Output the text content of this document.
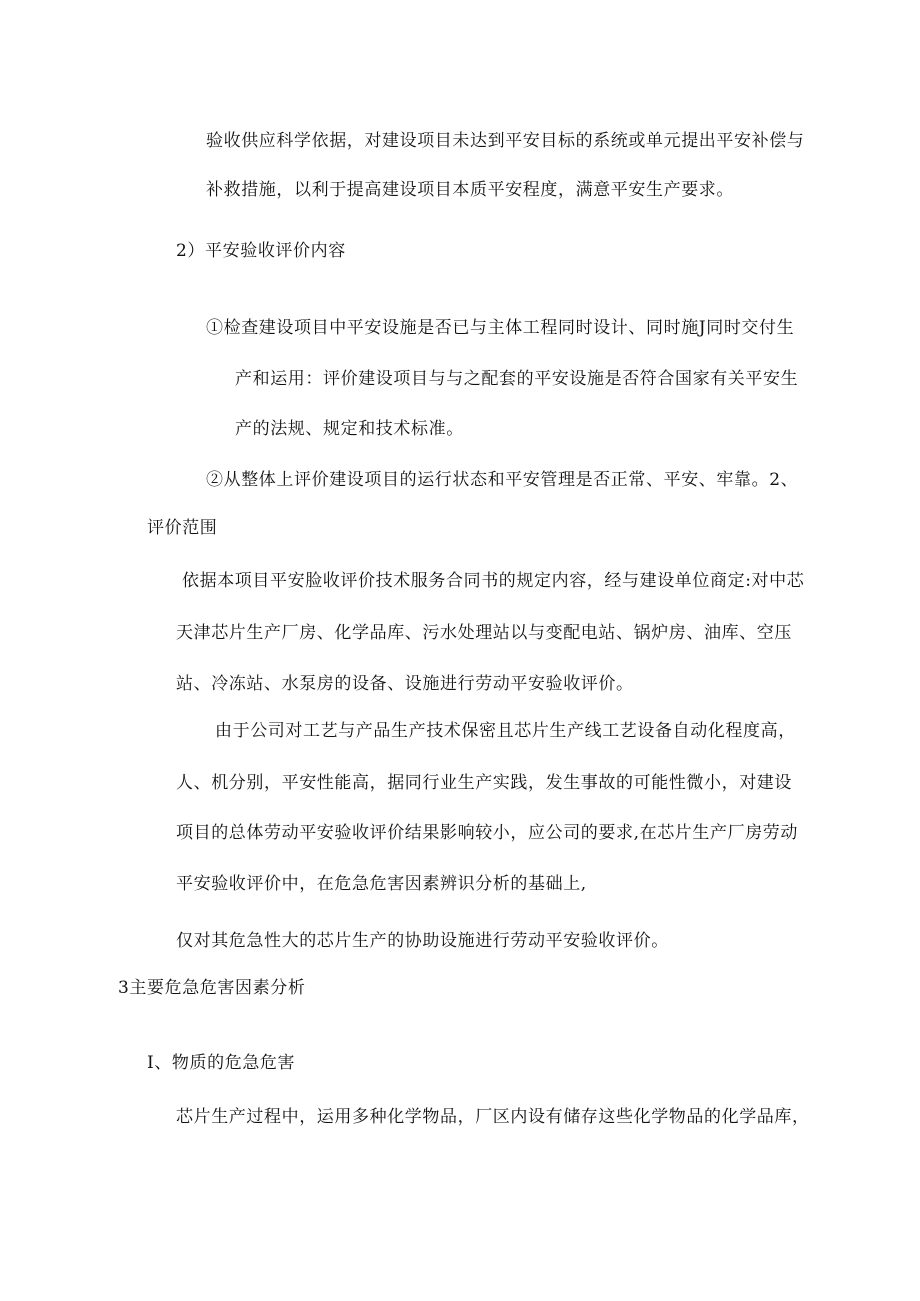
验收供应科学依据，对建设项目未达到平安目标的系统或单元提出平安补偿与

补救措施，以利于提高建设项目本质平安程度，满意平安生产要求。

2）平安验收评价内容

①检查建设项目中平安设施是否已与主体工程同时设计、同时施J同时交付生

产和运用：评价建设项目与与之配套的平安设施是否符合国家有关平安生

产的法规、规定和技术标准。

②从整体上评价建设项目的运行状态和平安管理是否正常、平安、牢靠。2、

评价范围

依据本项目平安脸收评价技术服务合同书的规定内容，经与建设单位商定:对中芯

天津芯片生产厂房、化学品库、污水处理站以与变配电站、锅炉房、油库、空压

站、冷冻站、水泵房的设备、设施进行劳动平安验收评价。

由于公司对工艺与产品生产技术保密且芯片生产线工艺设备自动化程度高，

人、机分别，平安性能高，据同行业生产实践，发生事故的可能性微小，对建设

项目的总体劳动平安验收评价结果影响较小，应公司的要求,在芯片生产厂房劳动

平安验收评价中，在危急危害因素辨识分析的基础上,

仅对其危急性大的芯片生产的协助设施进行劳动平安验收评价。

3主要危急危害因素分析

I、物质的危急危害

芯片生产过程中，运用多种化学物品，厂区内设有储存这些化学物品的化学品库，
